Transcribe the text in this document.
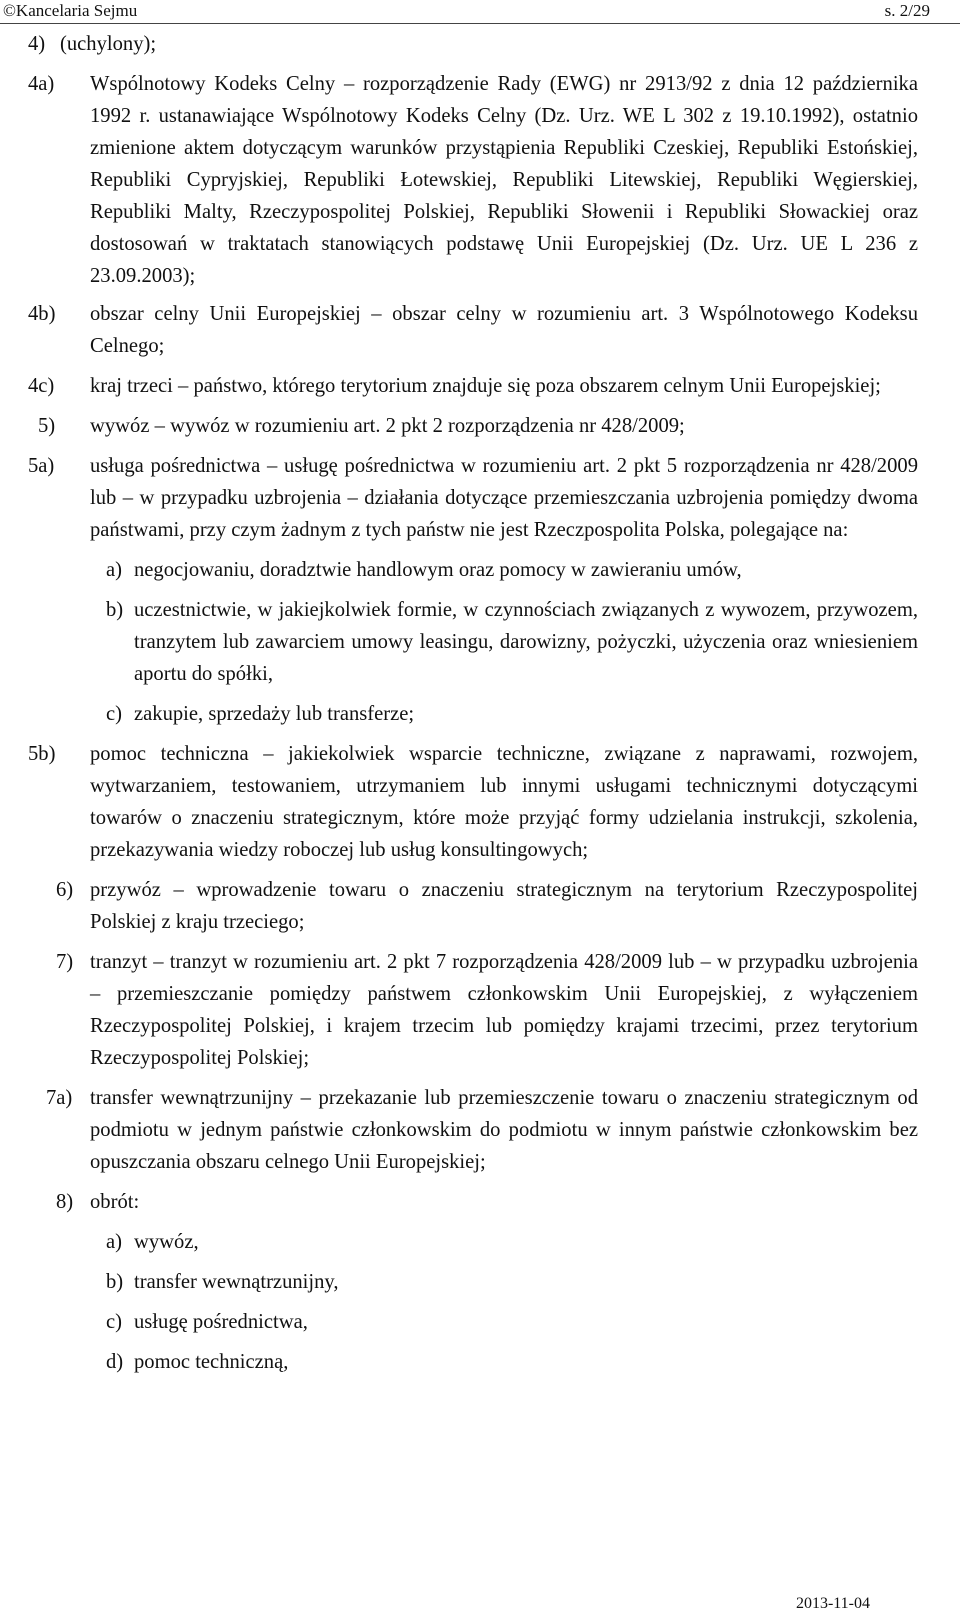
©Kancelaria Sejmu	s. 2/29
4) (uchylony);
4a) Wspólnotowy Kodeks Celny – rozporządzenie Rady (EWG) nr 2913/92 z dnia 12 października 1992 r. ustanawiające Wspólnotowy Kodeks Celny (Dz. Urz. WE L 302 z 19.10.1992), ostatnio zmienione aktem dotyczącym warunków przystąpienia Republiki Czeskiej, Republiki Estońskiej, Republiki Cypryjskiej, Republiki Łotewskiej, Republiki Litewskiej, Republiki Węgierskiej, Republiki Malty, Rzeczypospolitej Polskiej, Republiki Słowenii i Republiki Słowackiej oraz dostosowań w traktatach stanowiących podstawę Unii Europejskiej (Dz. Urz. UE L 236 z 23.09.2003);
4b) obszar celny Unii Europejskiej – obszar celny w rozumieniu art. 3 Wspólnotowego Kodeksu Celnego;
4c) kraj trzeci – państwo, którego terytorium znajduje się poza obszarem celnym Unii Europejskiej;
5) wywóz – wywóz w rozumieniu art. 2 pkt 2 rozporządzenia nr 428/2009;
5a) usługa pośrednictwa – usługę pośrednictwa w rozumieniu art. 2 pkt 5 rozporządzenia nr 428/2009 lub – w przypadku uzbrojenia – działania dotyczące przemieszczania uzbrojenia pomiędzy dwoma państwami, przy czym żadnym z tych państw nie jest Rzeczpospolita Polska, polegające na:
a) negocjowaniu, doradztwie handlowym oraz pomocy w zawieraniu umów,
b) uczestnictwie, w jakiejkolwiek formie, w czynnościach związanych z wywozem, przywozem, tranzytem lub zawarciem umowy leasingu, darowizny, pożyczki, użyczenia oraz wniesieniem aportu do spółki,
c) zakupie, sprzedaży lub transferze;
5b) pomoc techniczna – jakiekolwiek wsparcie techniczne, związane z naprawami, rozwojem, wytwarzaniem, testowaniem, utrzymaniem lub innymi usługami technicznymi dotyczącymi towarów o znaczeniu strategicznym, które może przyjąć formy udzielania instrukcji, szkolenia, przekazywania wiedzy roboczej lub usług konsultingowych;
6) przywóz – wprowadzenie towaru o znaczeniu strategicznym na terytorium Rzeczypospolitej Polskiej z kraju trzeciego;
7) tranzyt – tranzyt w rozumieniu art. 2 pkt 7 rozporządzenia 428/2009 lub – w przypadku uzbrojenia – przemieszczanie pomiędzy państwem członkowskim Unii Europejskiej, z wyłączeniem Rzeczypospolitej Polskiej, i krajem trzecim lub pomiędzy krajami trzecimi, przez terytorium Rzeczypospolitej Polskiej;
7a) transfer wewnątrzunijny – przekazanie lub przemieszczenie towaru o znaczeniu strategicznym od podmiotu w jednym państwie członkowskim do podmiotu w innym państwie członkowskim bez opuszczania obszaru celnego Unii Europejskiej;
8) obrót:
a) wywóz,
b) transfer wewnątrzunijny,
c) usługę pośrednictwa,
d) pomoc techniczną,
2013-11-04
